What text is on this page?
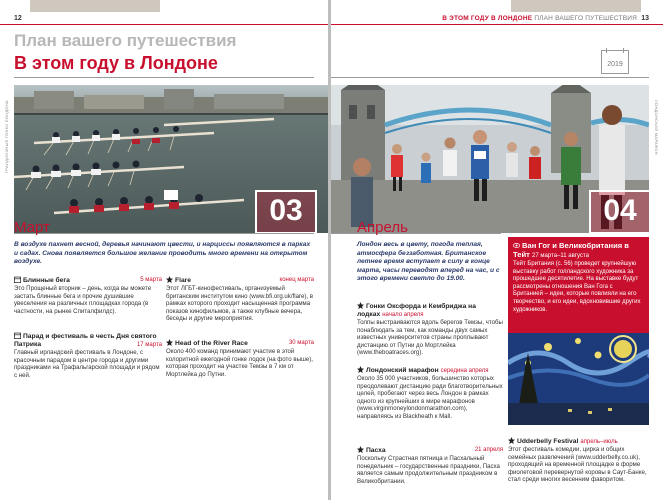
12
План вашего путешествия
В этом году в Лондоне
ГРАНДИОЗНЫЕ ГОНКИ ЛОНДОНА
03
Март
В воздухе пахнет весной, деревья начинают цвести, и нарциссы появляются в парках и садах. Снова появляется большое желание проводить много времени на открытом воздухе.
Блинные бега	5 марта
Это Прощеный вторник – день, когда вы можете застать блинные бега и прочие душившие увеселения на различных площадках города (в частности, на рынке Спиталфилдс).
Парад и фестиваль в честь Дня святого Патрика	17 марта
Главный ирландский фестиваль в Лондоне, с красочным парадом в центре города и другими праздниками на Трафальгарской площади и рядом с ней.
Flare	конец марта
Этот ЛГБТ-кинофестиваль, организуемый британским институтом кино (www.bfi.org.uk/flare), в рамках которого проходит насыщенная программа показов кинофильмов, а также клубные вечера, беседы и другие мероприятия.
Head of the River Race	30 марта
Около 400 команд принимают участие в этой колоритной ежегодной гонке лодок (на фото выше), которая проходит на участке Темзы в 7 км от Мортлейка до Путни.
В ЭТОМ ГОДУ В ЛОНДОНЕ ПЛАН ВАШЕГО ПУТЕШЕСТВИЯ 13
2019
ЛОНДОНСКИЙ МАРАФОН
04
Апрель
Лондон весь в цвету, погода теплая, атмосфера беззаботная. Британское летнее время вступает в силу в конце марта, часы переводят вперед на час, и с этого времени светло до 19.00.
Ван Гог и Великобритания в Тейт 27 марта–11 августа
Тейт Британия (с. 56) проведет крупнейшую выставку работ голландского художника за прошедшее десятилетие. На выставке будут рассмотрены отношения Ван Гога с Британией – идеи, которые повлияли на его творчество, и его идеи, вдохновившие других художников.
Гонки Оксфорда и Кембриджа на лодках начало апреля
Толпы выстраиваются вдоль берегов Темзы, чтобы понаблюдать за тем, как команды двух самых известных университетов страны проплывают дистанцию от Путни до Мортлейка (www.theboatraces.org).
Лондонский марафон середина апреля
Около 35 000 участников, большинство которых преодолевают дистанцию ради благотворительных целей, пробегают через весь Лондон в рамках одного из крупнейших в мире марафонов (www.virginmoneylondonmarathon.com), направляясь из Blackheath к Mall.
Пасха	21 апреля
Поскольку Страстная пятница и Пасхальный понедельник – государственные праздники, Пасха является самым продолжительным праздником в Великобритании.
Udderbelly Festival апрель–июль
Этот фестиваль комедии, цирка и общих семейных развлечений (www.udderbelly.co.uk), проходящий на временной площадке в форме фиолетовой перевернутой коровы в Саут-Банке, стал среди многих весенним фаворитом.
